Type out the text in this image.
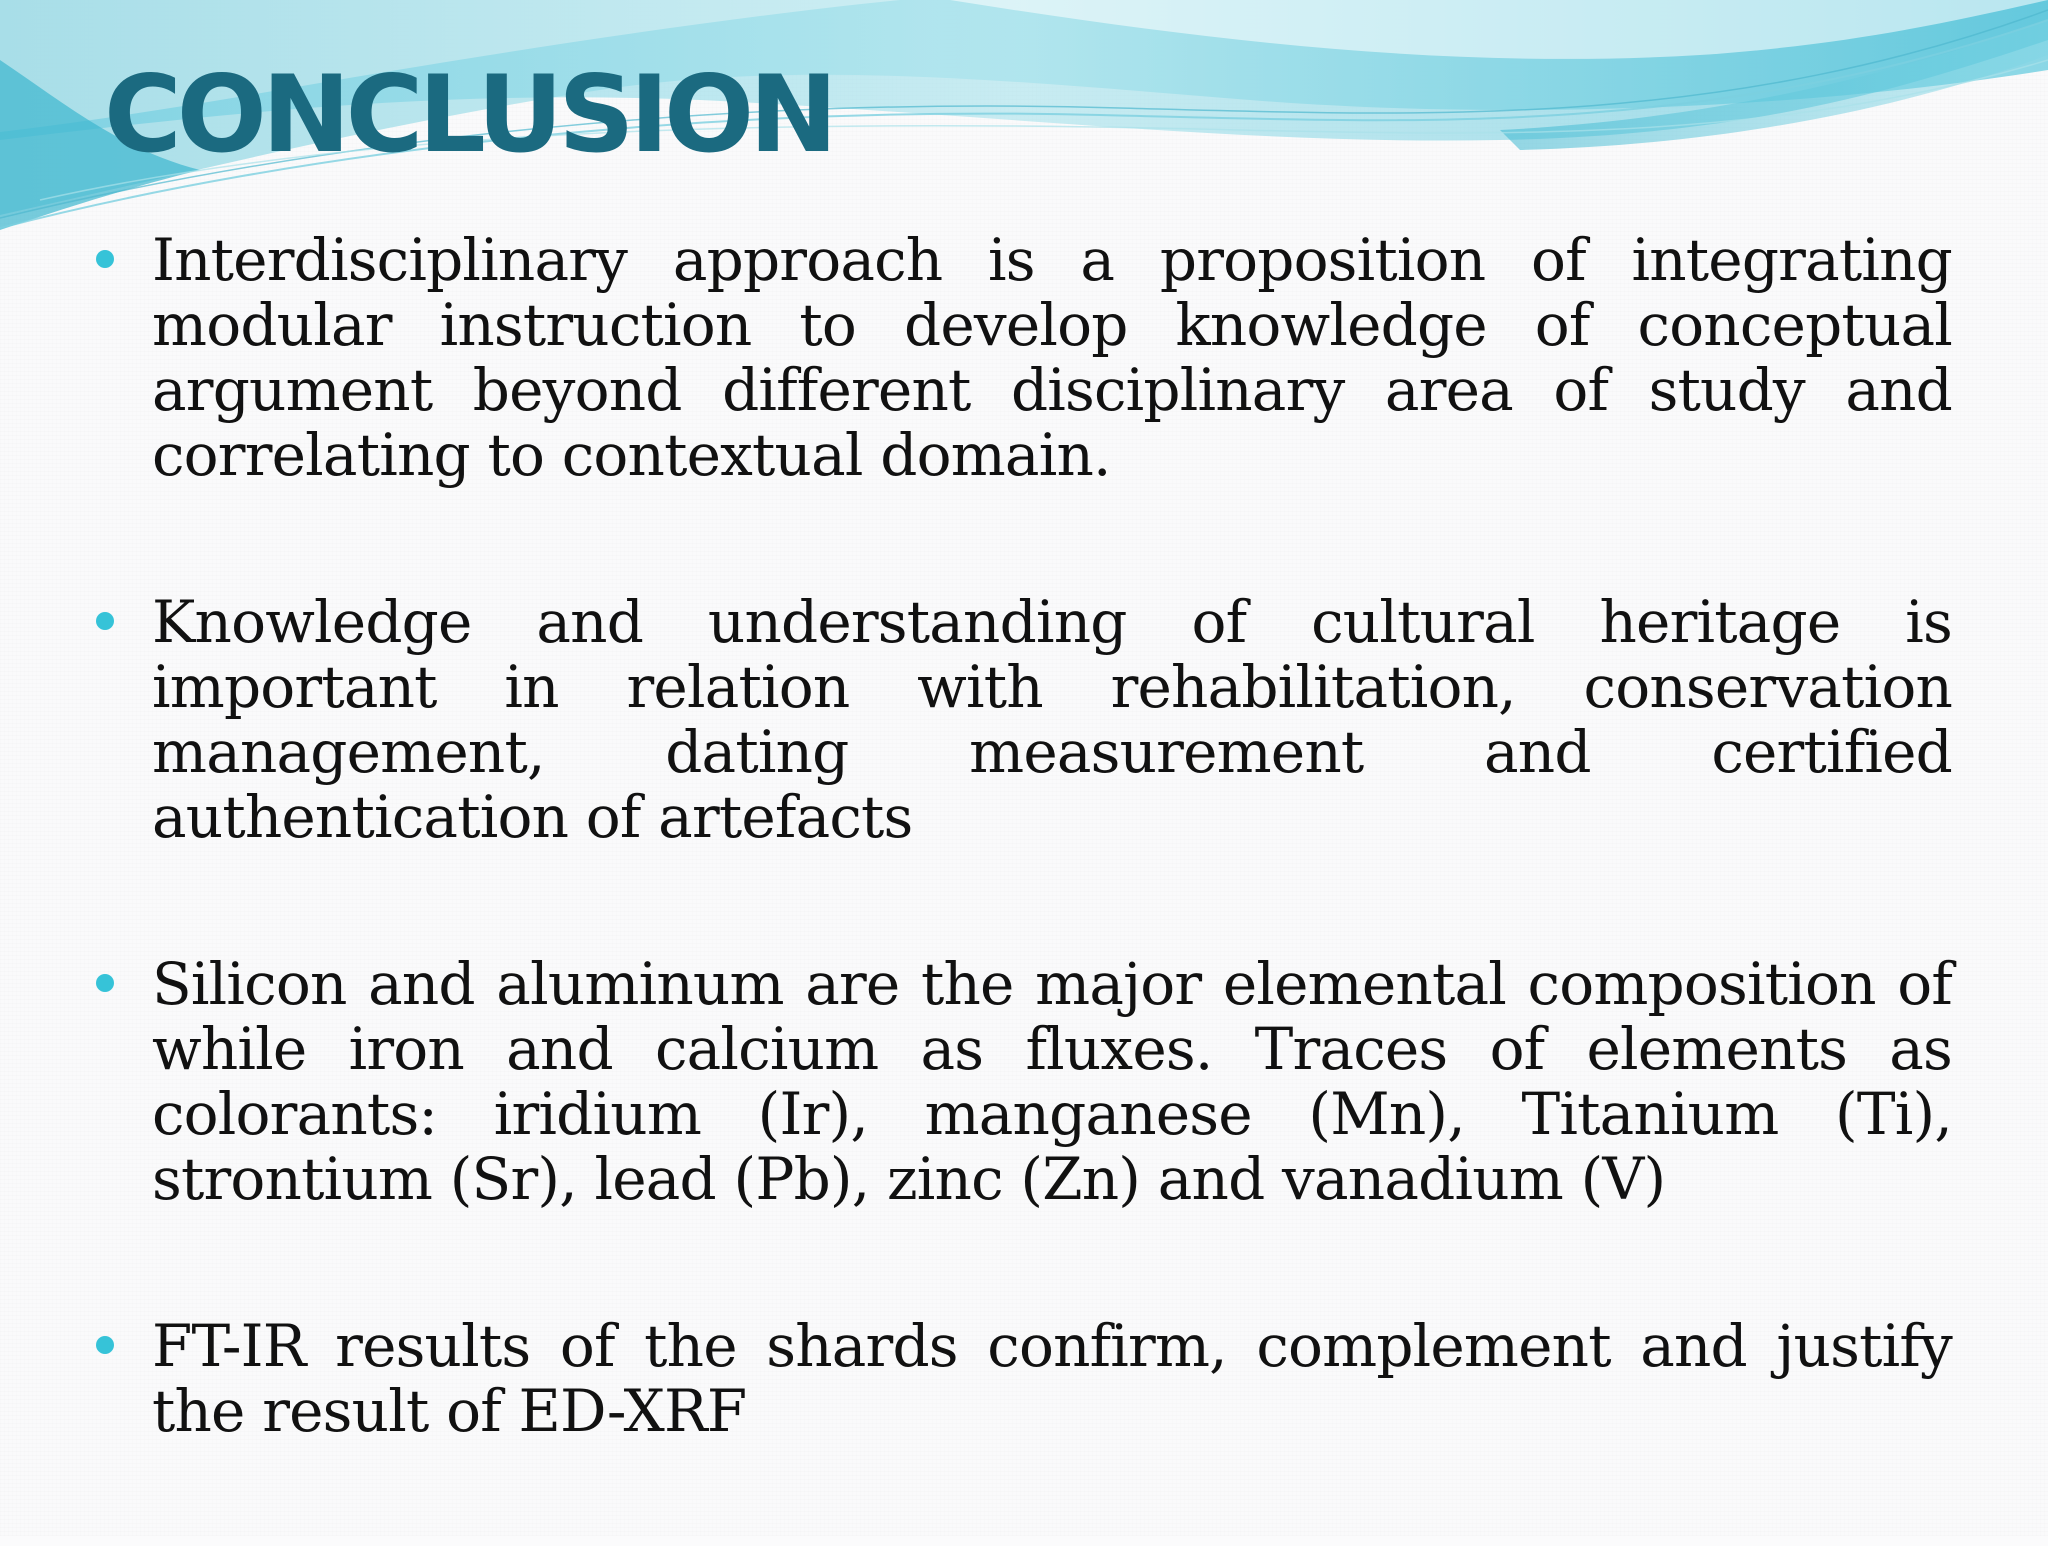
CONCLUSION
Interdisciplinary approach is a proposition of integrating modular instruction to develop knowledge of conceptual argument beyond different disciplinary area of study and correlating to contextual domain.
Knowledge and understanding of cultural heritage is important in relation with rehabilitation, conservation management, dating measurement and certified authentication of artefacts
Silicon and aluminum are the major elemental composition of while iron and calcium as fluxes. Traces of elements as colorants: iridium (Ir), manganese (Mn), Titanium (Ti), strontium (Sr), lead (Pb), zinc (Zn) and vanadium (V)
FT-IR results of the shards confirm, complement and justify the result of ED-XRF
